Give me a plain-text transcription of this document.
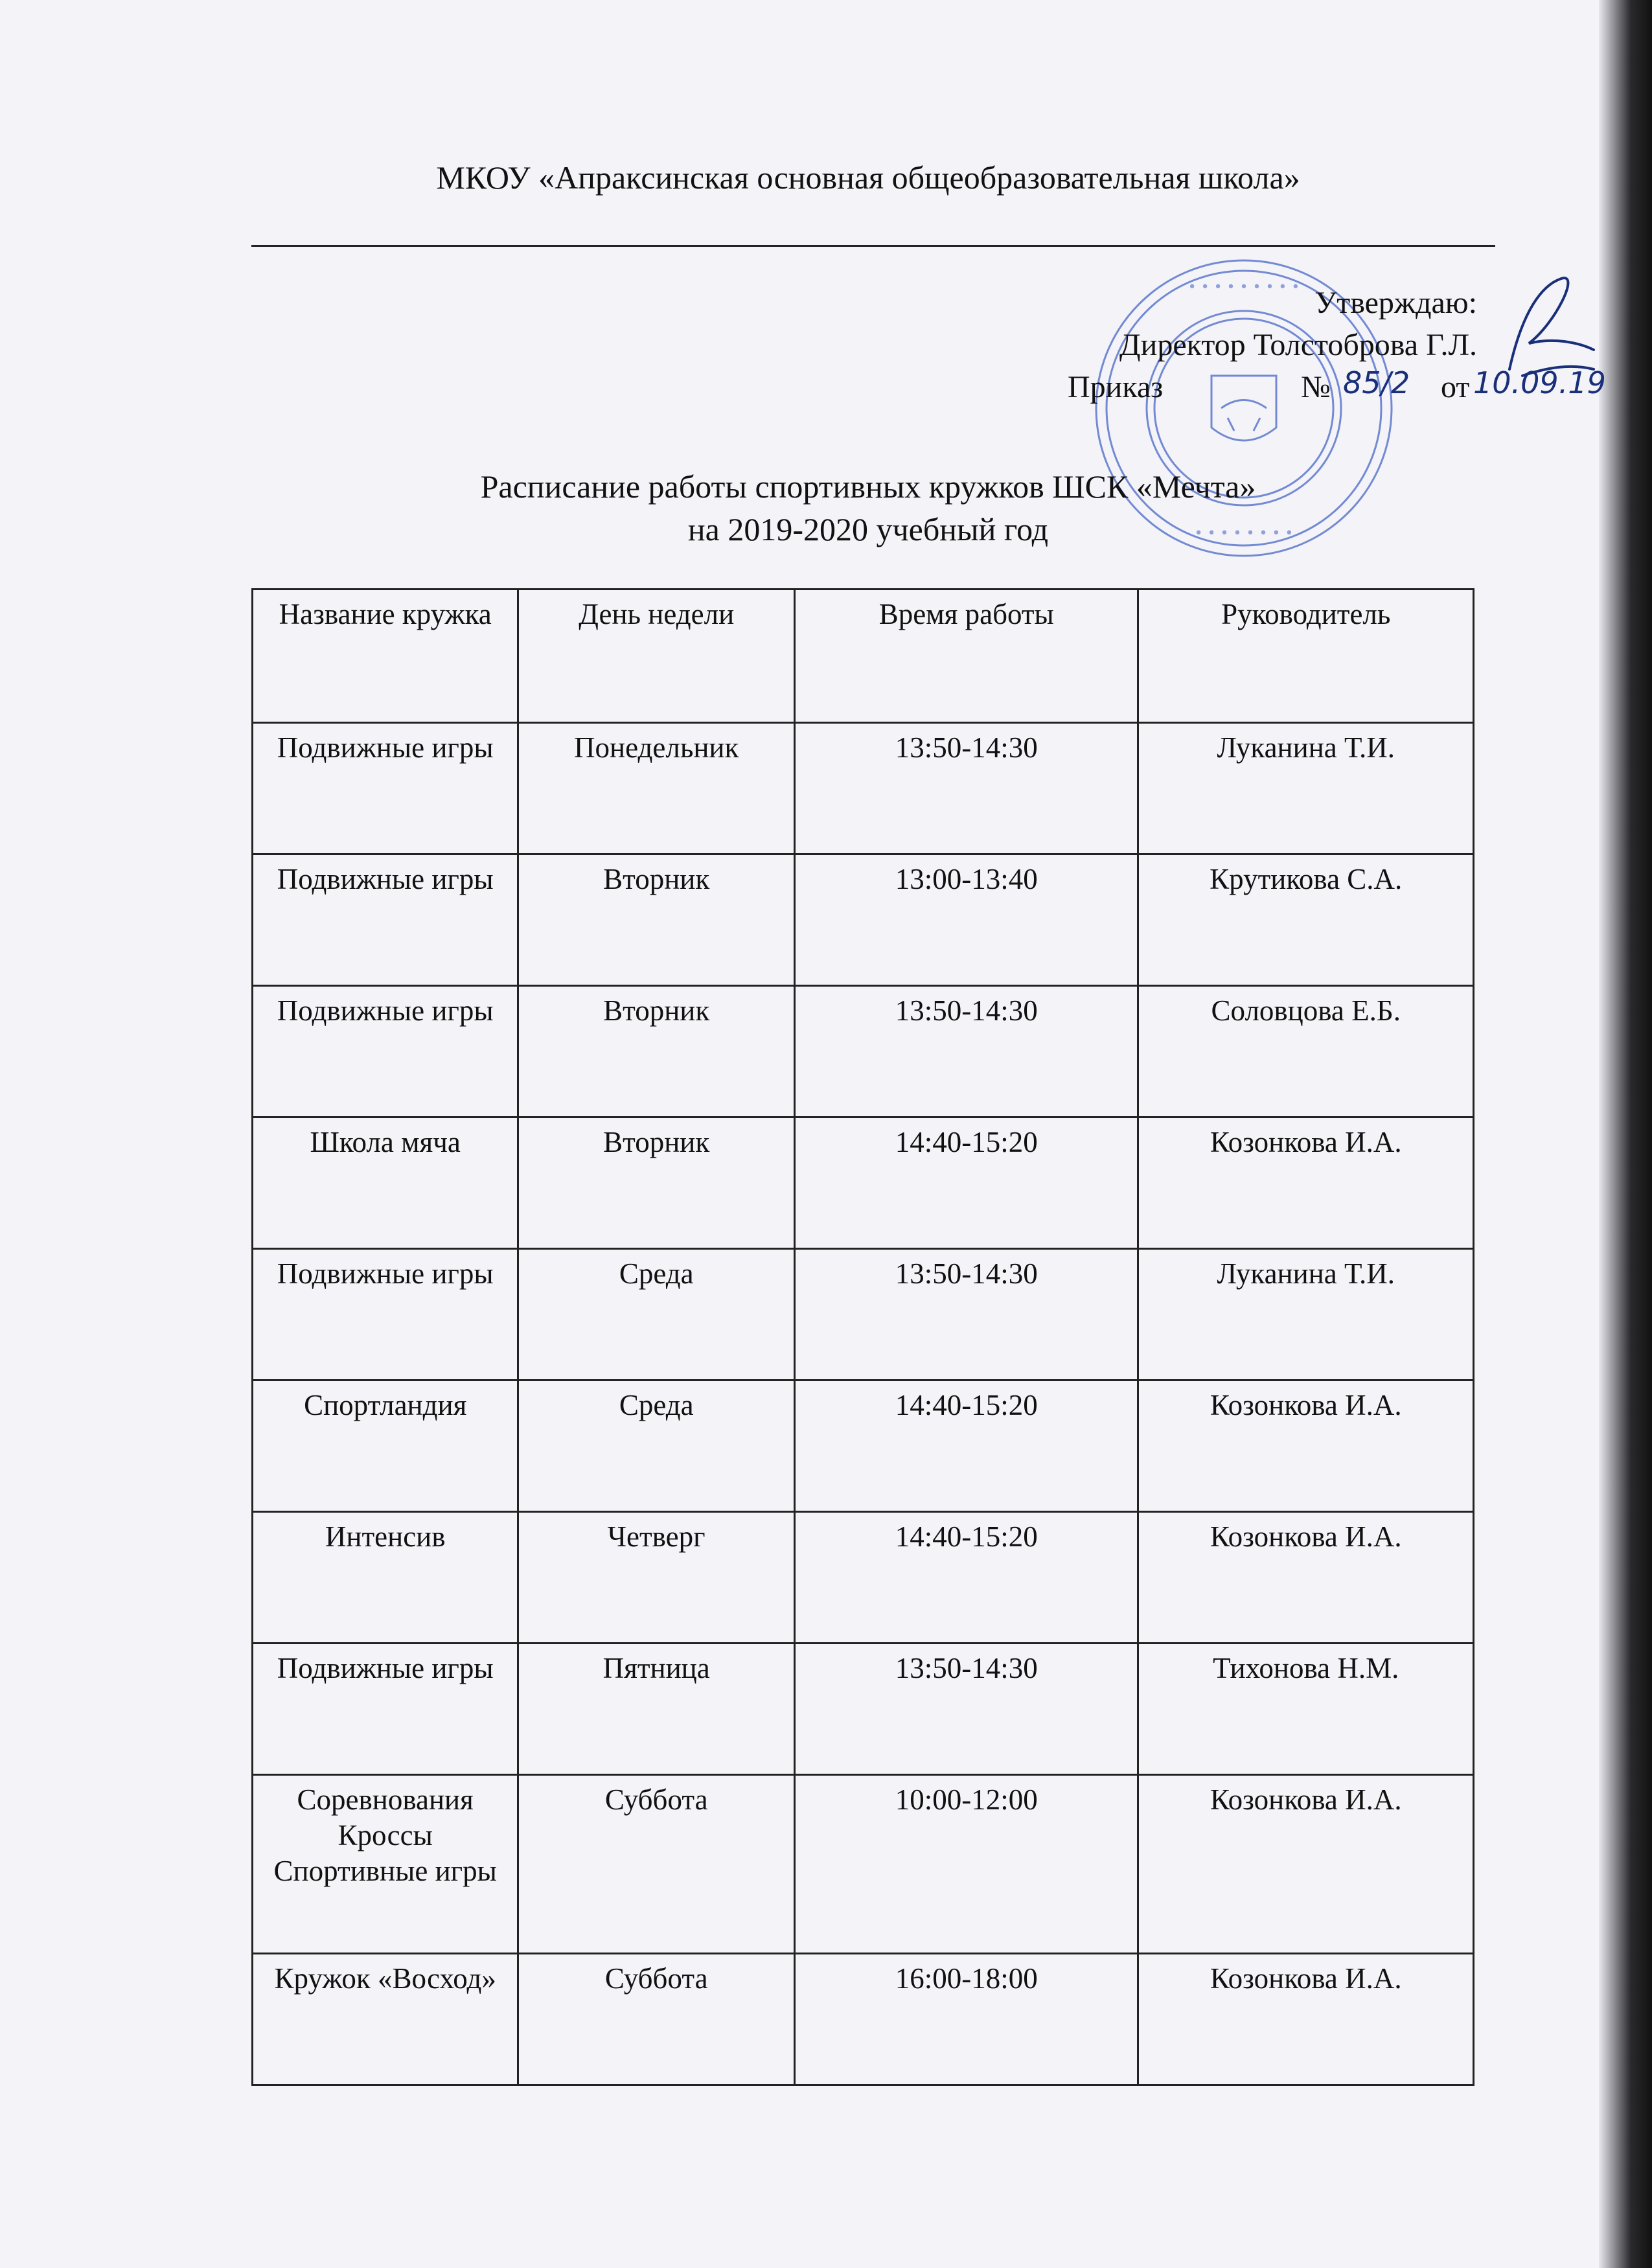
МКОУ «Апраксинская основная общеобразовательная школа»
• • • • • • • • •
• • • • • • • •
Утверждаю:
Директор Толстоброва Г.Л.
Приказ	№ 85/2 от 10.09.19
Расписание работы спортивных кружков ШСК «Мечта»
на 2019-2020 учебный год
Название кружка	День недели	Время работы	Руководитель
Подвижные игры	Понедельник	13:50-14:30	Луканина Т.И.
Подвижные игры	Вторник	13:00-13:40	Крутикова С.А.
Подвижные игры	Вторник	13:50-14:30	Соловцова Е.Б.
Школа мяча	Вторник	14:40-15:20	Козонкова И.А.
Подвижные игры	Среда	13:50-14:30	Луканина Т.И.
Спортландия	Среда	14:40-15:20	Козонкова И.А.
Интенсив	Четверг	14:40-15:20	Козонкова И.А.
Подвижные игры	Пятница	13:50-14:30	Тихонова Н.М.
Соревнования Кроссы Спортивные игры	Суббота	10:00-12:00	Козонкова И.А.
Кружок «Восход»	Суббота	16:00-18:00	Козонкова И.А.
